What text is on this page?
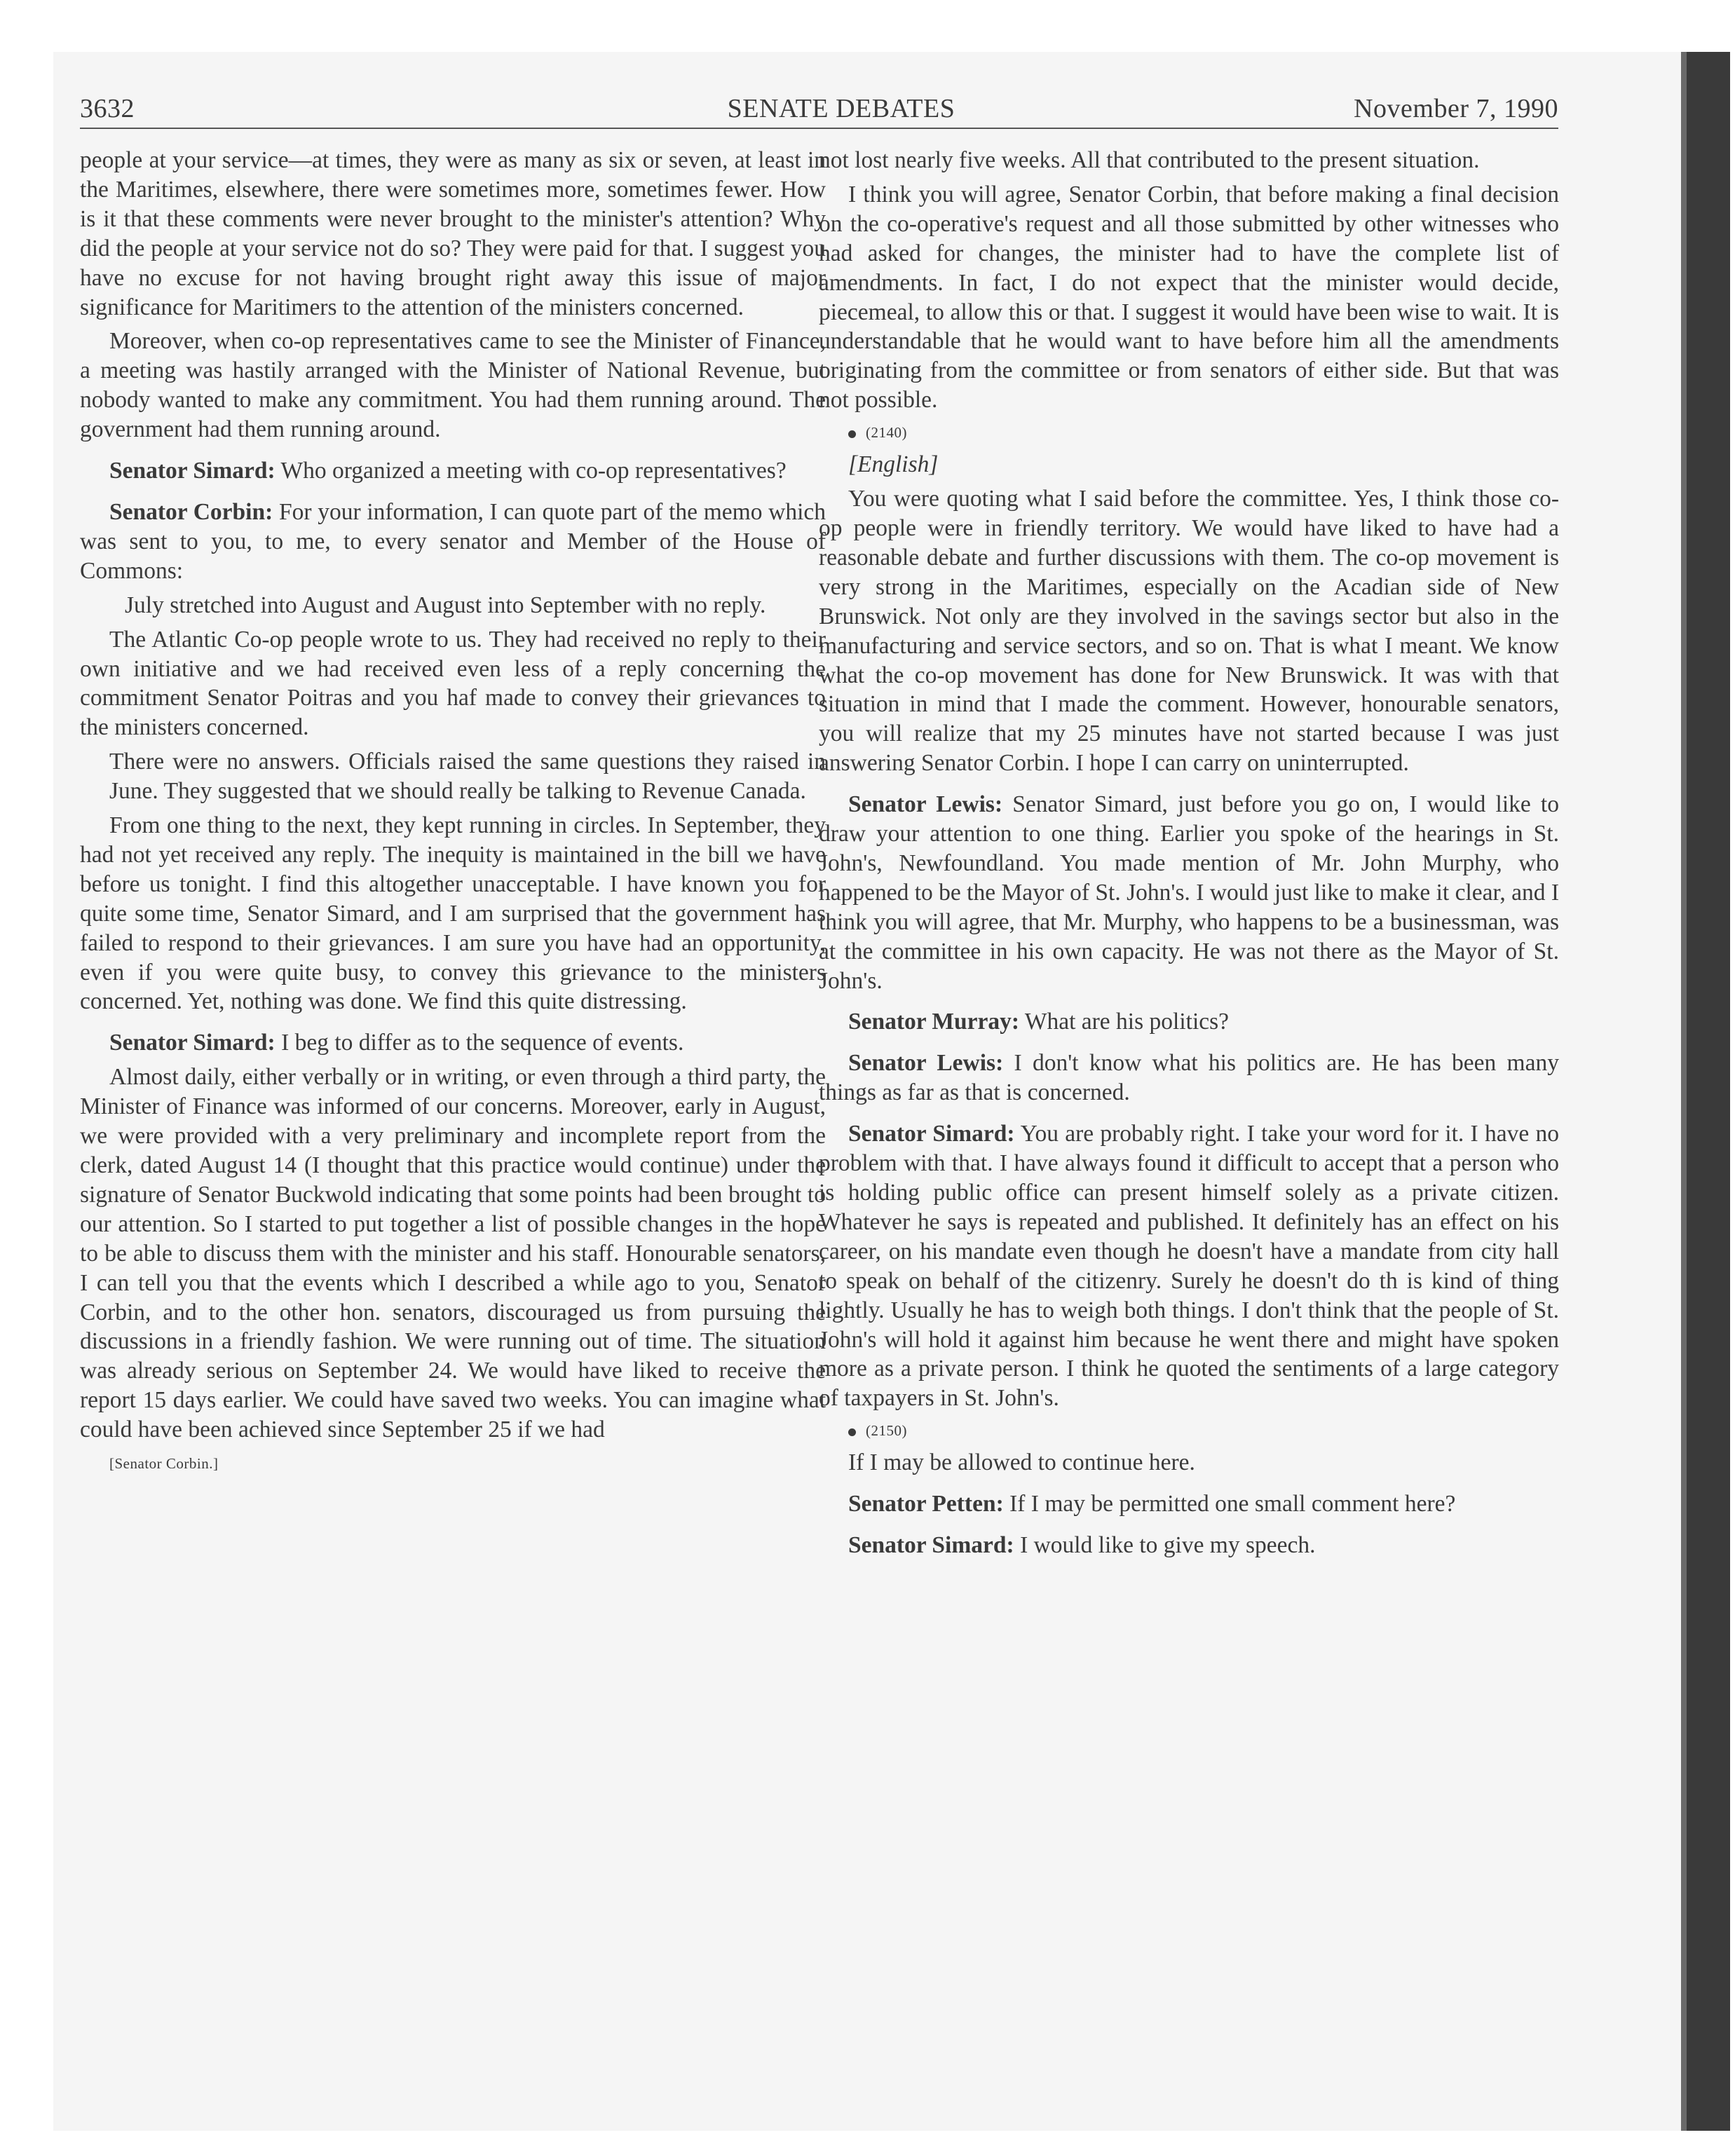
3632	SENATE DEBATES	November 7, 1990

people at your service—at times, they were as many as six or seven, at least in the Maritimes, elsewhere, there were sometimes more, sometimes fewer. How is it that these comments were never brought to the minister's attention? Why did the people at your service not do so? They were paid for that. I suggest you have no excuse for not having brought right away this issue of major significance for Maritimers to the attention of the ministers concerned.

Moreover, when co-op representatives came to see the Minister of Finance, a meeting was hastily arranged with the Minister of National Revenue, but nobody wanted to make any commitment. You had them running around. The government had them running around.

Senator Simard: Who organized a meeting with co-op representatives?

Senator Corbin: For your information, I can quote part of the memo which was sent to you, to me, to every senator and Member of the House of Commons:

July stretched into August and August into September with no reply.

The Atlantic Co-op people wrote to us. They had received no reply to their own initiative and we had received even less of a reply concerning the commitment Senator Poitras and you haf made to convey their grievances to the ministers concerned.

There were no answers. Officials raised the same questions they raised in June. They suggested that we should really be talking to Revenue Canada.

From one thing to the next, they kept running in circles. In September, they had not yet received any reply. The inequity is maintained in the bill we have before us tonight. I find this altogether unacceptable. I have known you for quite some time, Senator Simard, and I am surprised that the government has failed to respond to their grievances. I am sure you have had an opportunity, even if you were quite busy, to convey this grievance to the ministers concerned. Yet, nothing was done. We find this quite distressing.

Senator Simard: I beg to differ as to the sequence of events.

Almost daily, either verbally or in writing, or even through a third party, the Minister of Finance was informed of our concerns. Moreover, early in August, we were provided with a very preliminary and incomplete report from the clerk, dated August 14 (I thought that this practice would continue) under the signature of Senator Buckwold indicating that some points had been brought to our attention. So I started to put together a list of possible changes in the hope to be able to discuss them with the minister and his staff. Honourable senators, I can tell you that the events which I described a while ago to you, Senator Corbin, and to the other hon. senators, discouraged us from pursuing the discussions in a friendly fashion. We were running out of time. The situation was already serious on September 24. We would have liked to receive the report 15 days earlier. We could have saved two weeks. You can imagine what could have been achieved since September 25 if we had

[Senator Corbin.]

not lost nearly five weeks. All that contributed to the present situation.

I think you will agree, Senator Corbin, that before making a final decision on the co-operative's request and all those submitted by other witnesses who had asked for changes, the minister had to have the complete list of amendments. In fact, I do not expect that the minister would decide, piecemeal, to allow this or that. I suggest it would have been wise to wait. It is understandable that he would want to have before him all the amendments originating from the committee or from senators of either side. But that was not possible.

(2140)

[English]

You were quoting what I said before the committee. Yes, I think those co-op people were in friendly territory. We would have liked to have had a reasonable debate and further discussions with them. The co-op movement is very strong in the Maritimes, especially on the Acadian side of New Brunswick. Not only are they involved in the savings sector but also in the manufacturing and service sectors, and so on. That is what I meant. We know what the co-op movement has done for New Brunswick. It was with that situation in mind that I made the comment. However, honourable senators, you will realize that my 25 minutes have not started because I was just answering Senator Corbin. I hope I can carry on uninterrupted.

Senator Lewis: Senator Simard, just before you go on, I would like to draw your attention to one thing. Earlier you spoke of the hearings in St. John's, Newfoundland. You made mention of Mr. John Murphy, who happened to be the Mayor of St. John's. I would just like to make it clear, and I think you will agree, that Mr. Murphy, who happens to be a businessman, was at the committee in his own capacity. He was not there as the Mayor of St. John's.

Senator Murray: What are his politics?

Senator Lewis: I don't know what his politics are. He has been many things as far as that is concerned.

Senator Simard: You are probably right. I take your word for it. I have no problem with that. I have always found it difficult to accept that a person who is holding public office can present himself solely as a private citizen. Whatever he says is repeated and published. It definitely has an effect on his career, on his mandate even though he doesn't have a mandate from city hall to speak on behalf of the citizenry. Surely he doesn't do th is kind of thing lightly. Usually he has to weigh both things. I don't think that the people of St. John's will hold it against him because he went there and might have spoken more as a private person. I think he quoted the sentiments of a large category of taxpayers in St. John's.

(2150)

If I may be allowed to continue here.

Senator Petten: If I may be permitted one small comment here?

Senator Simard: I would like to give my speech.
